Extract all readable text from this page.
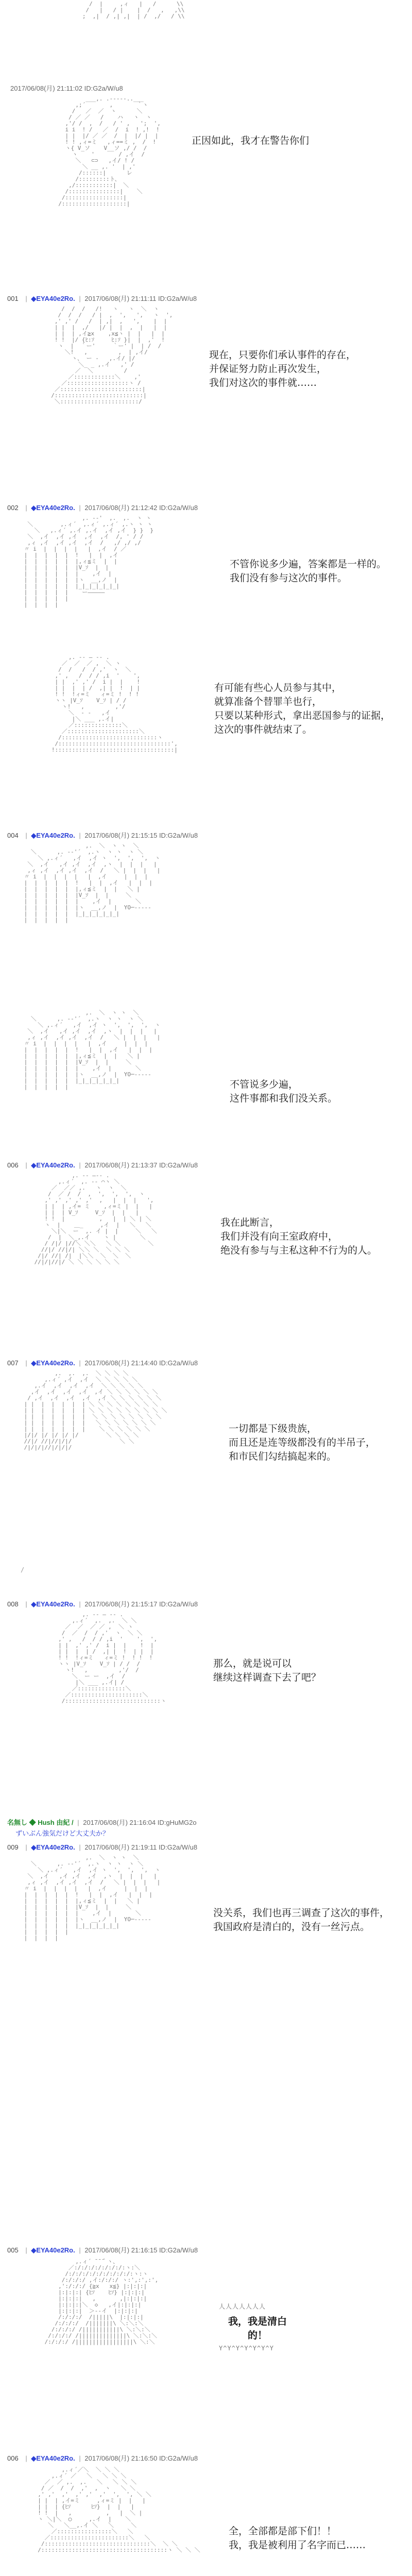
/  |     ,ィ   |   /      \\
/   |   / |    |  /   ,   ,\\
;  ,|  / ,| ,|  | /  ,/   / \\
2017/06/08(月) 21:11:02 ID:G2a/W/u8
___,. .-----..___
,;´       ,       ｀ヽ
/   ／  ／  ヽ      ＼
/ ／ ／   /    ハ   ヽ  ヽ
,'/ /  ,  /   / ' ,   ';  ',
i i  ! /   ／  /  i  ! ,!  !
| |  |/ ／ ／  /  |  |/ |  |
! ! ,ィ=ミ   ,ィ==ミ ,  /  !
ヽ{ V_ソ    V__ソ ,/ /  /
ヽ    '       / ,イ  /
＼   ⊂⊃   ,イ/ ! /
＼ __ ,. '  | ,'
/::::::|      レ
/:::::::::ト、
,/:::::::::::|  ＼
/:::::::::::::::|    ＼
/:::::::::::::::::|
/:::::::::::::::::::|
正因如此，我才在警告你们
001 | ◆EYA40e2Ro. | 2017/06/08(月) 21:11:11 ID:G2a/W/u8
/  /  /   /!   ヽ   ヽ  ＼  ヽ
/  /  /   / |  ,  ',   ',   ヽ  ',
,' ,' /   /  | ,|  ,   ',    |  |
| |  |  ,/   |/ |  |  ,  |   |  |
| |  | ,イ≧x    ,x≦ヽ |  |   |  |
! !  |/ {ﾋ:ｿ     ﾋ:ｿ }|  |  ,'  !
ヽ  |  ｀ー'     ｀ー' |  | /  /
＼!   ,         ,  | ,イ/
ヽ、 ー ‐   ,.イ/ |/
＼_ _ ,.イ   ,' /
／  ＼         /
／::::::::::::＼    ,'
／::::::::::::::::::ヽ /
／::::::::::::::::::::::::|
/::::::::::::::::::::::::::|
＼:::::::::::::::::::::::/
现在，只要你们承认事件的存在，
并保证努力防止再次发生，
我们对这次的事件就……
002 | ◆EYA40e2Ro. | 2017/06/08(月) 21:12:42 ID:G2a/W/u8
,. -‐'  ,.  ,.  ヽ ヽ
＼        ,.ィ´  ,.ィ´ ,.ィ´ ,.ヽ ヽ ヽ
＼   ,.ィ´ ,.イ ,.イ  ,イ ,イ  } }  }
＼  ,イ  ,イ ,イ  ,イ  ,イ  /, ' / /
,ィ ,イ  ,イ ,イ  ,イ  /   ,/ ,/ ,/
〃 i  |  |  |  |   |  ,イ  / ／
|  |  |  |  |  !   |  |  ,イ
|  |  |  |  |  |,ィ≦ミ  |  |
|  |  |  |  |  |V_ｿ  |  |
|  |  |  |  |  |    ,イ  |
|  |  |  |  |  |ヽ  __,ノ  |
|  |  |  |  |  |_|_|_|_|_|_|
|  |  |  |  |    ー―――――
|  |  |  |  |
|  |  |  |
不管你说多少遍，答案都是一样的。
我们没有参与这次的事件。
,. -‐ ― ‐- .
／  ／  ／ ,  ＼ ヽ
/  /   /  / ,'  ヽ  ＼
,' ,   /  / / ,i  '    ',
| |  ,' ,' /  i |  |    !
| |  |  | /  ,| |  !  | |
! !  !ィ=ミ   ィ=ミ !  ! !
ヽヽ |V_ｿ    V_ｿ | / /
ヽ!   ,         ,'/
＼  ‐ ‐   ,イ
|＼ ___ ,.イ|
／::::::::::::::＼
／:::::::::::::::::::::＼
/::::::::::::::::::::::::::::ヽ
/:::::::::::::::::::::::::::::::::',
!:::::::::::::::::::::::::::::::::::|
有可能有些心人员参与其中，
就算准备个替罪羊也行，
只要以某种形式，拿出恶国参与的证据，
这次的事件就结束了。
004 | ◆EYA40e2Ro. | 2017/06/08(月) 21:15:15 ID:G2a/W/u8
,.  ＼  ヽ ヽ  ＼
＼      ,. -‐'´  ,.ヽ  ヽ ヽ  ヽ ＼
＼ ,.ィ´   ,イ  ,イ ヽ  ',  ',  ',  ヽ
＼  ,イ   ,イ ,イ  ,イ  ,ヽ  |  |  |   |
,ィ ,イ  ,イ ,イ  ,イ  /   ＼ |  |  |   |
〃 i  |  |  |  |   |  ,イ     |  |  |
|  |  |  |  |  !   |  |  ,イ   |  |  |
|  |  |  |  |  |,ィ≦ミ  |  |   ＼ |
|  |  |  |  |  |V_ｿ  |  |     ＼
|  |  |  |  |  |    ,イ  |       ＼
|  |  |  |  |  |ヽ  __,ノ  |  YO─-----
|  |  |  |  |  |_|_|_|_|_|_|
|  |  |  |  |
,.  ＼  ヽ ヽ  ＼
＼      ,. -‐'´  ,.ヽ  ヽ ヽ  ヽ ＼
＼ ,.ィ´   ,イ  ,イ ヽ  ',  ',  ',  ヽ
＼  ,イ   ,イ ,イ  ,イ  ,ヽ  |  |  |   |
,ィ ,イ  ,イ ,イ  ,イ  /   ＼ |  |  |   |
〃 i  |  |  |  |   |  ,イ     |  |  |
|  |  |  |  |  !   |  |  ,イ   |  |  |
|  |  |  |  |  |,ィ≦ミ  |  |   ＼ |
|  |  |  |  |  |V_ｿ  |  |     ＼
|  |  |  |  |  |    ,イ  |       ＼
|  |  |  |  |  |ヽ  __,ノ  |  YO─-----
|  |  |  |  |  |_|_|_|_|_|_|
|  |  |  |  |	不管说多少遍，
这件事都和我们没关系。
006 | ◆EYA40e2Ro. | 2017/06/08(月) 21:13:37 ID:G2a/W/u8
,. -‐ ―‐- .
,.ィ´  ,. -‐ ⌒ヽ ＼
／  ／／ ,.   ヽ  ヽ  ＼
/  ／ /  /  ,  ',  ',  ',  ヽ
,' ,' ,' ,' ,'  ,   |  |  |   ',
| |  | ,イ= ミ    ,ィ=ミ |  |   |
| |  | V_ｿ     V_ｿ  |  |   |
! !  |          ,   |  | ＼ | ＼
ヽ  |    ＿_     ,イ  |   ＼   ＼
＼|＼  ー  ,. イ |  |     ＼   ＼
/  |  ＼_,.イ    ヽ |       ＼
/ /|/ |//＼ ＼＼   ＼ ＼        ＼
//|/ //|/| ＼＼ ＼  ＼ ＼ ＼
/|/ //| /|  |＼＼  ＼  ＼  ＼
//|/|//|/ ＼ ＼ ＼ ＼ ＼ ＼
我在此断言，
我们并没有向王室政府中，
绝没有参与与主私这种不行为的人。
007 | ◆EYA40e2Ro. | 2017/06/08(月) 21:14:40 ID:G2a/W/u8
,.  ,.  ,.  ＼ ＼ ＼ ＼
,.ィ´ ,イ  ,イ  ＼ ＼ ＼ ＼ ＼
,.イ  ,イ  ,イ  ,イ  ＼ ＼ ＼ ＼ ＼
,イ  ,イ  ,イ  ,イ  ,イ ＼ ＼ ＼ ＼ ＼ ＼
/ ,イ  ,イ  ,イ  ,イ  ,イ ＼ ＼ ＼ ＼ ＼ ＼
| |  |  |  |  |  | ＼ ＼ ＼ ＼ ＼ ＼ ＼ ＼
| |  |  |  |  |  | ＼ ＼ ＼ ＼ ＼ ＼ ＼ ＼ ＼
| |  |  |  |  |  |  ＼ ＼ ＼ ＼ ＼ ＼ ＼ ＼
| |  |  |  |  |  |   ＼ ＼ ＼ ＼ ＼ ＼ ＼
| |  |  |  |  |  |    ＼ ＼ ＼ ＼ ＼ ＼
|/|/ |/ |/ |/ |/        ＼ ＼ ＼ ＼
//|/ //|//|/|/              ＼ ＼
/|/|/|//|/|/|/
一切都是下级贵族，
而且还是连等级都没有的半吊子，
和市民们勾结搞起来的。
/
008 | ◆EYA40e2Ro. | 2017/06/08(月) 21:15:17 ID:G2a/W/u8
,. -‐ ― ‐- .
,.ィ´  ,.  ,.  ＼ ＼
／  ／  ／ ／ ,  ＼ ヽ
/  ／  /  / ,'  ヽ  ＼ ＼
,' ,   /  / / ,i  '    ',  ',
| |  ,' ,' /  i |  |    !  |
| |  |  | /  ,| |  !  | |  |
! !  !ィ=ミ   ィ=ミ !  ! !  !
ヽヽ |V_ｿ    V_ｿ | / /  /
ヽ!   ,         ,'/  /
＼  ー ー  ,イ  /
|＼ ___ ,.イ| /
／::::::::::::::＼
／:::::::::::::::::::::＼
/::::::::::::::::::::::::::::ヽ
那么，就是说可以
继续这样调查下去了吧？
名無し ◆ Hush 由紀 / | 2017/06/08(月) 21:16:04 ID:gHuMG2o
ずいぶん強気だけど大丈夫か？
009 | ◆EYA40e2Ro. | 2017/06/08(月) 21:19:11 ID:G2a/W/u8
,.  ＼  ヽ ヽ  ＼
＼      ,. -‐'´  ,.ヽ  ヽ ヽ  ヽ ＼
＼ ,.ィ´   ,イ  ,イ ヽ  ',  ',  ',  ヽ
＼  ,イ   ,イ ,イ  ,イ  ,ヽ  |  |  |   |
,ィ ,イ  ,イ ,イ  ,イ  /   ＼ |  |  |   |
〃 i  |  |  |  |   |  ,イ     |  |  |
|  |  |  |  |  !   |  |  ,イ   |  |  |
|  |  |  |  |  |,ィ≦ミ  |  |   ＼ |
|  |  |  |  |  |V_ｿ  |  |     ＼
|  |  |  |  |  |    ,イ  |       ＼
|  |  |  |  |  |ヽ  __,ノ  |  YO─-----
|  |  |  |  |  |_|_|_|_|_|_|
|  |  |  |  |
|  |  |  |
没关系，我们也再三调查了这次的事件，
我国政府是清白的，没有一丝污点。
005 | ◆EYA40e2Ro. | 2017/06/08(月) 21:16:15 ID:G2a/W/u8
,.ィ´ ̄ ̄ ̄｀ヽ、
／:/:/:/:/:/:/:/:ヽ:＼
/:/:/:/:/:/:/:/:/:/:ヽ:ヽ
/:/:/:/ ,イ:/:/:/ ヽ:',:',:',
,':/:/:/ {≧x   x≦} |:|:|:|
|:|:|:| {ﾋｿ    ﾋｿ} |:|:|:|
|:|:|:|   ,       ,|:|:|:|
|:|:|:|＼  ◇   ,イ|:|:|:|
|:|:|:|  ＞-‐イ  |:|:|:|
/:/:/:/  /|||||\  |:|:|:|
/:/:/:/  /|||||||\ ＼:＼:＼
/:/:/:/ /|||||||||||\ ＼:＼:＼
/:/:/:/ /||||||||||||||\ ＼:＼:＼
/:/:/:/ /|||||||||||||||||\ ＼:＼
人人人人人人人
我，我是清白的！
Y^Y^Y^Y^Y^Y^Y
006 | ◆EYA40e2Ro. | 2017/06/08(月) 21:16:50 ID:G2a/W/u8
,.ィ´／＼  ＼ ＼ ＼
,.ィ´ ／   ＼   ＼ ＼ ＼
／  ／ ,.  ,.   ＼   ＼ ＼ ＼
/ ／  /  /  ,'  ,  ヽ   ＼ ＼
,' ,'  ,'  ,' ,'  ,'  ',  ', ＼ ＼
| |  | ,イ=ミ     ,ィ=ミ |  |   |
| |  | {ﾋｿ      ﾋｿ}  |  |   |
! !  |   ,          ,   |  ＼ |
ヽ ＼|＼  ◯     ,.イ  |    ＼
＼   ＼__,.イ ＼   ＼     ＼
／::::::::::::::::＼   ＼
／:::::::::::::::::::::::＼   ＼
/:::::::::::::::::::::::::::::::＼  ＼ ＼
/:::::::::::::::::::::::::::::::::::::ヽ ＼ ＼ ＼
全，全部都是部下们！！
我，我是被利用了名字而已……
